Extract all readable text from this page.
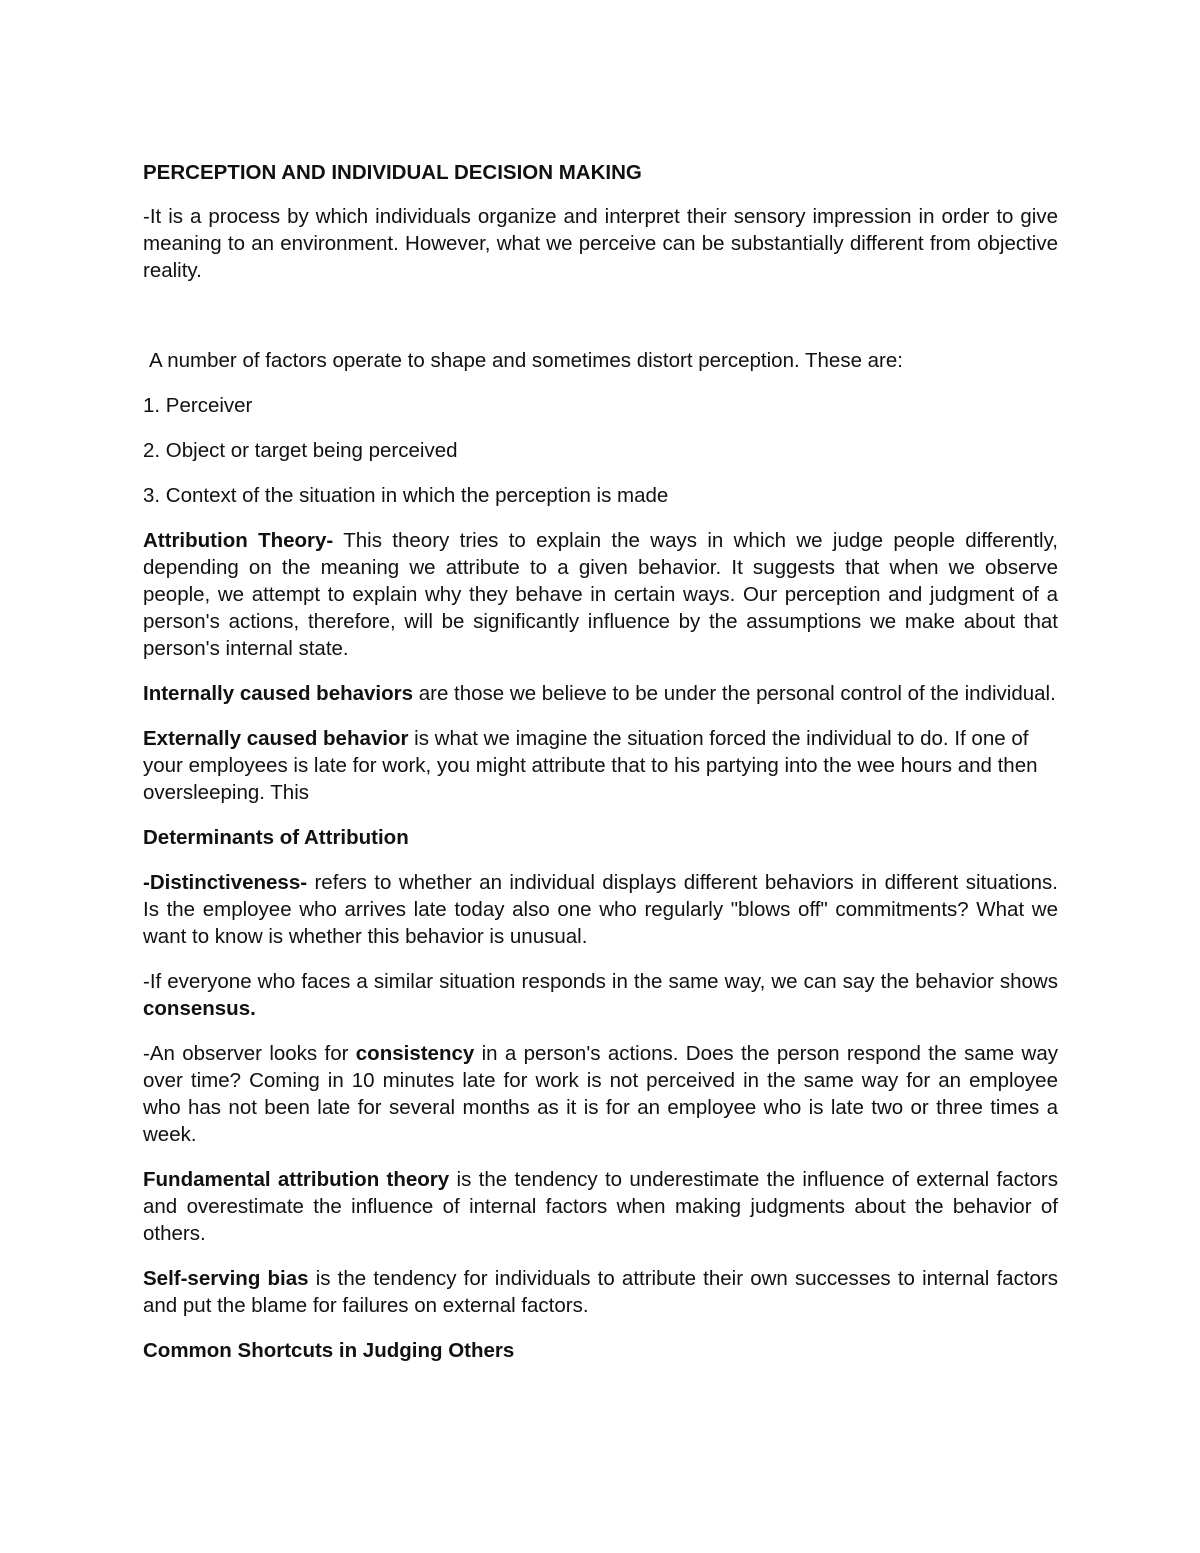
PERCEPTION AND INDIVIDUAL DECISION MAKING

-It is a process by which individuals organize and interpret their sensory impression in order to give meaning to an environment. However, what we perceive can be substantially different from objective reality.

A number of factors operate to shape and sometimes distort perception. These are:

1. Perceiver

2. Object or target being perceived

3. Context of the situation in which the perception is made

Attribution Theory- This theory tries to explain the ways in which we judge people differently, depending on the meaning we attribute to a given behavior. It suggests that when we observe people, we attempt to explain why they behave in certain ways. Our perception and judgment of a person's actions, therefore, will be significantly influence by the assumptions we make about that person's internal state.

Internally caused behaviors are those we believe to be under the personal control of the individual.

Externally caused behavior is what we imagine the situation forced the individual to do. If one of your employees is late for work, you might attribute that to his partying into the wee hours and then oversleeping. This

Determinants of Attribution

-Distinctiveness- refers to whether an individual displays different behaviors in different situations. Is the employee who arrives late today also one who regularly "blows off" commitments? What we want to know is whether this behavior is unusual.

-If everyone who faces a similar situation responds in the same way, we can say the behavior shows consensus.

-An observer looks for consistency in a person's actions. Does the person respond the same way over time? Coming in 10 minutes late for work is not perceived in the same way for an employee who has not been late for several months as it is for an employee who is late two or three times a week.

Fundamental attribution theory is the tendency to underestimate the influence of external factors and overestimate the influence of internal factors when making judgments about the behavior of others.

Self-serving bias is the tendency for individuals to attribute their own successes to internal factors and put the blame for failures on external factors.

Common Shortcuts in Judging Others
